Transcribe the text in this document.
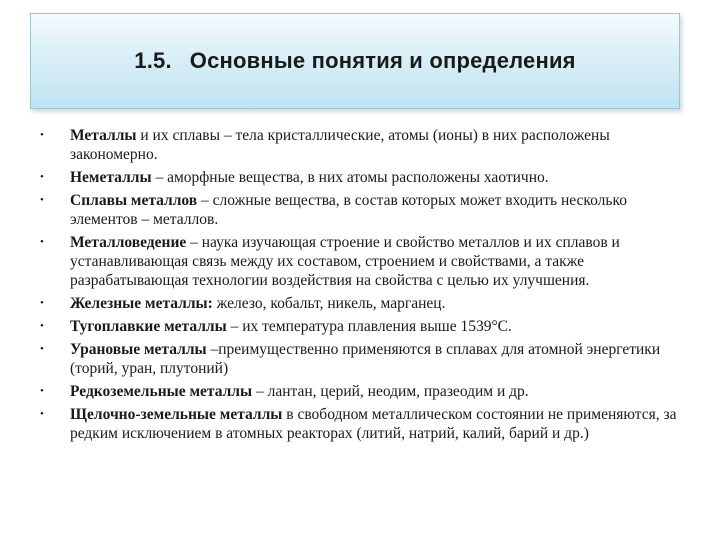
1.5. Основные понятия и определения
•	Металлы и их сплавы – тела кристаллические, атомы (ионы) в них расположены закономерно.
•	Неметаллы – аморфные вещества, в них атомы расположены хаотично.
•	Сплавы металлов – сложные вещества, в состав которых может входить несколько элементов – металлов.
•	Металловедение – наука изучающая строение и свойство металлов и их сплавов и устанавливающая связь между их составом, строением и свойствами, а также разрабатывающая технологии воздействия на свойства с целью их улучшения.
•	Железные металлы: железо, кобальт, никель, марганец.
•	Тугоплавкие металлы – их температура плавления выше 1539°С.
•	Урановые металлы –преимущественно применяются в сплавах для атомной энергетики (торий, уран, плутоний)
•	Редкоземельные металлы – лантан, церий, неодим, празеодим и др.
•	Щелочно-земельные металлы в свободном металлическом состоянии не применяются, за редким исключением в атомных реакторах (литий, натрий, калий, барий и др.)
